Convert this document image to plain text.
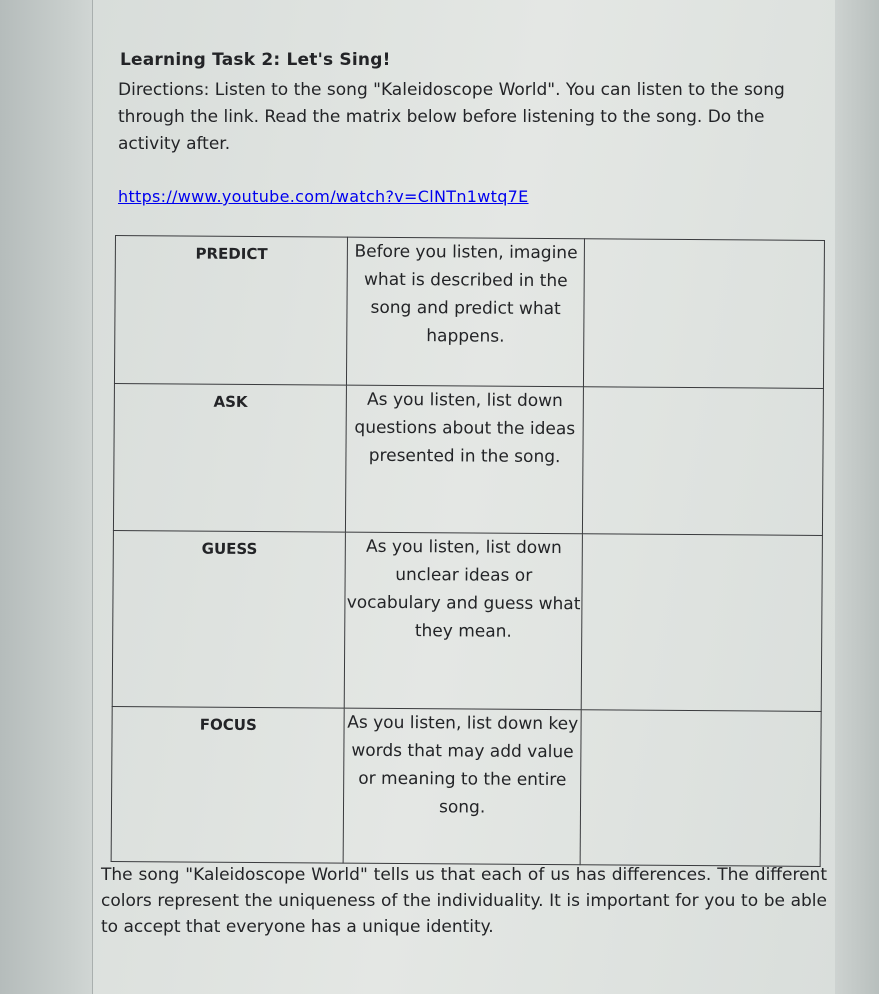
Learning Task 2: Let's Sing!
Directions: Listen to the song "Kaleidoscope World". You can listen to the song through the link. Read the matrix below before listening to the song. Do the activity after.
https://www.youtube.com/watch?v=ClNTn1wtq7E
PREDICT	Before you listen, imagine what is described in the song and predict what happens.	
ASK	As you listen, list down questions about the ideas presented in the song.	
GUESS	As you listen, list down unclear ideas or vocabulary and guess what they mean.	
FOCUS	As you listen, list down key words that may add value or meaning to the entire song.	
The song "Kaleidoscope World" tells us that each of us has differences. The different colors represent the uniqueness of the individuality. It is important for you to be able to accept that everyone has a unique identity.
